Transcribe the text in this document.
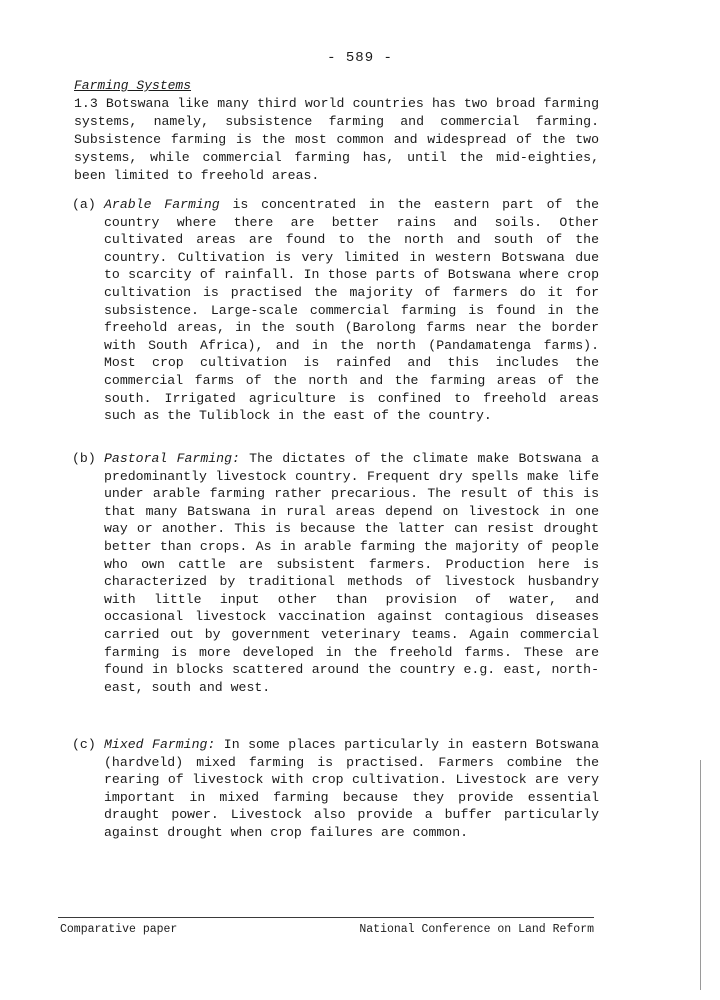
- 589 -
Farming Systems

1.3 Botswana like many third world countries has two broad farming systems, namely, subsistence farming and commercial farming. Subsistence farming is the most common and widespread of the two systems, while commercial farming has, until the mid-eighties, been limited to freehold areas.

(a) Arable Farming is concentrated in the eastern part of the country where there are better rains and soils. Other cultivated areas are found to the north and south of the country. Cultivation is very limited in western Botswana due to scarcity of rainfall. In those parts of Botswana where crop cultivation is practised the majority of farmers do it for subsistence. Large-scale commercial farming is found in the freehold areas, in the south (Barolong farms near the border with South Africa), and in the north (Pandamatenga farms). Most crop cultivation is rainfed and this includes the commercial farms of the north and the farming areas of the south. Irrigated agriculture is confined to freehold areas such as the Tuliblock in the east of the country.

(b) Pastoral Farming: The dictates of the climate make Botswana a predominantly livestock country. Frequent dry spells make life under arable farming rather precarious. The result of this is that many Batswana in rural areas depend on livestock in one way or another. This is because the latter can resist drought better than crops. As in arable farming the majority of people who own cattle are subsistent farmers. Production here is characterized by traditional methods of livestock husbandry with little input other than provision of water, and occasional livestock vaccination against contagious diseases carried out by government veterinary teams. Again commercial farming is more developed in the freehold farms. These are found in blocks scattered around the country e.g. east, north-east, south and west.

(c) Mixed Farming: In some places particularly in eastern Botswana (hardveld) mixed farming is practised. Farmers combine the rearing of livestock with crop cultivation. Livestock are very important in mixed farming because they provide essential draught power. Livestock also provide a buffer particularly against drought when crop failures are common.

Comparative paper	National Conference on Land Reform
